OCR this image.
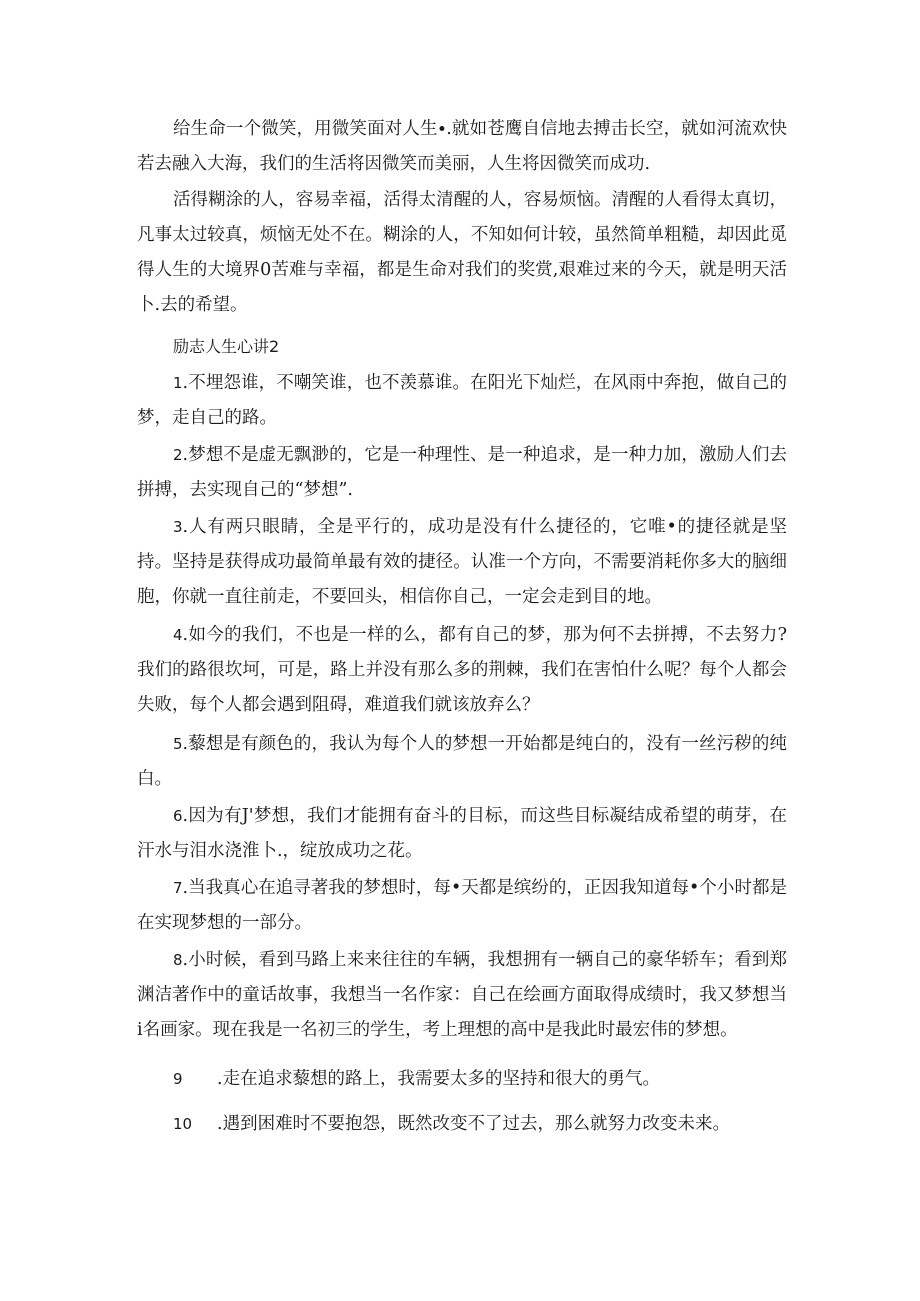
给生命一个微笑，用微笑面对人生∙.就如苍鹰自信地去搏击长空，就如河流欢快若去融入大海，我们的生活将因微笑而美丽，人生将因微笑而成功.

活得糊涂的人，容易幸福，活得太清醒的人，容易烦恼。清醒的人看得太真切，凡事太过较真，烦恼无处不在。糊涂的人，不知如何计较，虽然简单粗糙，却因此觅得人生的大境界0苦难与幸福，都是生命对我们的奖赏,艰难过来的今天，就是明天活卜.去的希望。

励志人生心讲2

1.不埋怨谁，不嘲笑谁，也不羡慕谁。在阳光下灿烂，在风雨中奔抱，做自己的梦，走自己的路。

2.梦想不是虚无飘渺的，它是一种理性、是一种追求，是一种力加，激励人们去拼搏，去实现自己的“梦想”.

3.人有两只眼睛，全是平行的，成功是没有什么捷径的，它唯•的捷径就是坚持。坚持是获得成功最简单最有效的捷径。认准一个方向，不需要消耗你多大的脑细胞，你就一直往前走，不要回头，相信你自己，一定会走到目的地。

4.如今的我们，不也是一样的么，都有自己的梦，那为何不去拼搏，不去努力?我们的路很坎坷，可是，路上并没有那么多的荆棘，我们在害怕什么呢？每个人都会失败，每个人都会遇到阻碍，难道我们就该放弃么？

5.藜想是有颜色的，我认为每个人的梦想一开始都是纯白的，没有一丝污秽的纯白。

6.因为有J'梦想，我们才能拥有奋斗的目标，而这些目标凝结成希望的萌芽，在汗水与泪水浇淮卜.，绽放成功之花。

7.当我真心在追寻著我的梦想时，每•天都是缤纷的，正因我知道每•个小时都是在实现梦想的一部分。

8.小时候，看到马路上来来往往的车辆，我想拥有一辆自己的豪华轿车；看到郑渊洁著作中的童话故事，我想当一名作家：自己在绘画方面取得成绩时，我又梦想当i名画家。现在我是一名初三的学生，考上理想的高中是我此时最宏伟的梦想。

9 .走在追求藜想的路上，我需要太多的坚持和很大的勇气。
10 .遇到困难时不要抱怨，既然改变不了过去，那么就努力改变未来。
